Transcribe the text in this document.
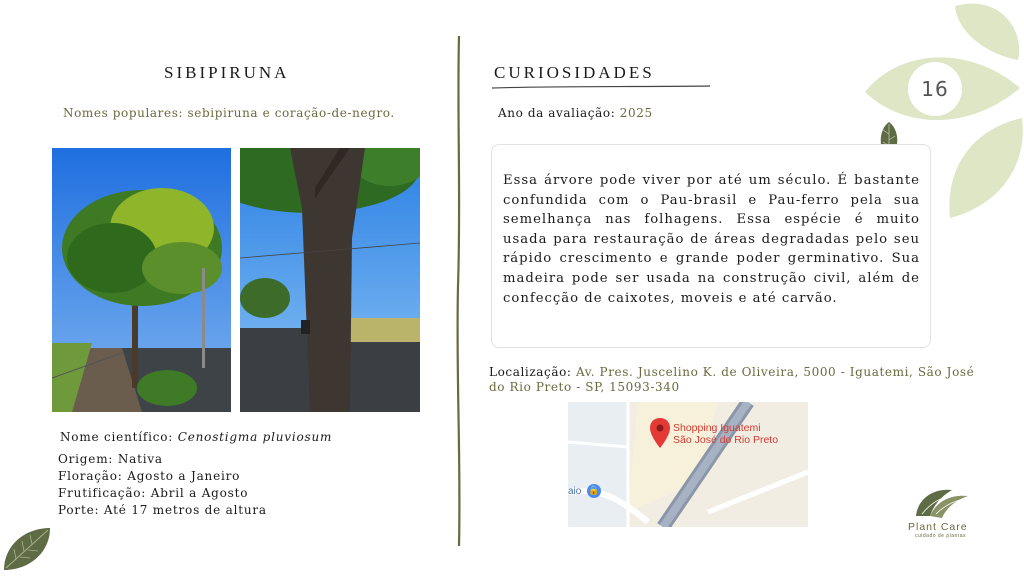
16
SIBIPIRUNA
Nomes populares: sebipiruna e coração-de-negro.
Nome científico: Cenostigma pluviosum
Origem: Nativa
Floração: Agosto a Janeiro
Frutificação: Abril a Agosto
Porte: Até 17 metros de altura
CURIOSIDADES
Ano da avaliação: 2025
Essa árvore pode viver por até um século. É bastante confundida com o Pau-brasil e Pau-ferro pela sua semelhança nas folhagens. Essa espécie é muito usada para restauração de áreas degradadas pelo seu rápido crescimento e grande poder germinativo. Sua madeira pode ser usada na construção civil, além de confecção de caixotes, moveis e até carvão.
Localização: Av. Pres. Juscelino K. de Oliveira, 5000 - Iguatemi, São José do Rio Preto - SP, 15093-340
Shopping Iguatemi
São José do Rio Preto
aio 🔒
Plant Care
cuidado de plantas
